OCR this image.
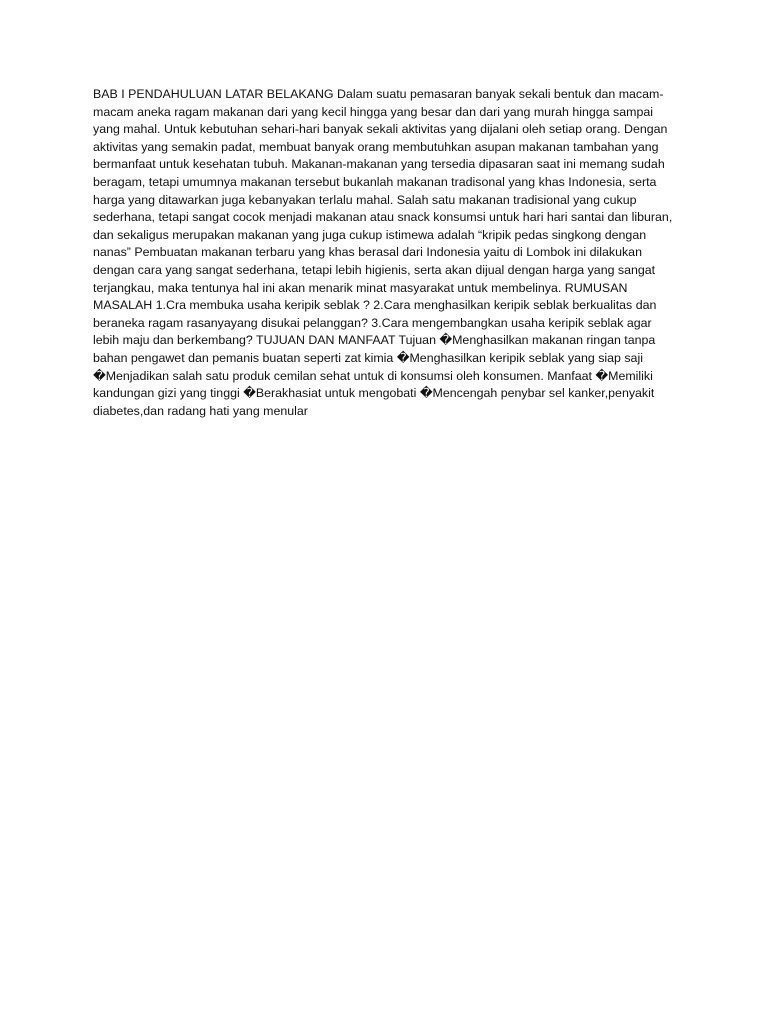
BAB I PENDAHULUAN LATAR BELAKANG Dalam suatu pemasaran banyak sekali bentuk dan macam-macam aneka ragam makanan dari yang kecil hingga yang besar dan dari yang murah hingga sampai yang mahal. Untuk kebutuhan sehari-hari banyak sekali aktivitas yang dijalani oleh setiap orang. Dengan aktivitas yang semakin padat, membuat banyak orang membutuhkan asupan makanan tambahan yang bermanfaat untuk kesehatan tubuh. Makanan-makanan yang tersedia dipasaran saat ini memang sudah beragam, tetapi umumnya makanan tersebut bukanlah makanan tradisonal yang khas Indonesia, serta harga yang ditawarkan juga kebanyakan terlalu mahal. Salah satu makanan tradisional yang cukup sederhana, tetapi sangat cocok menjadi makanan atau snack konsumsi untuk hari hari santai dan liburan, dan sekaligus merupakan makanan yang juga cukup istimewa adalah “kripik pedas singkong dengan nanas” Pembuatan makanan terbaru yang khas berasal dari Indonesia yaitu di Lombok ini dilakukan dengan cara yang sangat sederhana, tetapi lebih higienis, serta akan dijual dengan harga yang sangat terjangkau, maka tentunya hal ini akan menarik minat masyarakat untuk membelinya. RUMUSAN MASALAH 1.Cra membuka usaha keripik seblak ? 2.Cara menghasilkan keripik seblak berkualitas dan beraneka ragam rasanyayang disukai pelanggan? 3.Cara mengembangkan usaha keripik seblak agar lebih maju dan berkembang? TUJUAN DAN MANFAAT Tujuan �Menghasilkan makanan ringan tanpa bahan pengawet dan pemanis buatan seperti zat kimia �Menghasilkan keripik seblak yang siap saji �Menjadikan salah satu produk cemilan sehat untuk di konsumsi oleh konsumen. Manfaat �Memiliki kandungan gizi yang tinggi �Berakhasiat untuk mengobati �Mencengah penybar sel kanker,penyakit diabetes,dan radang hati yang menular
